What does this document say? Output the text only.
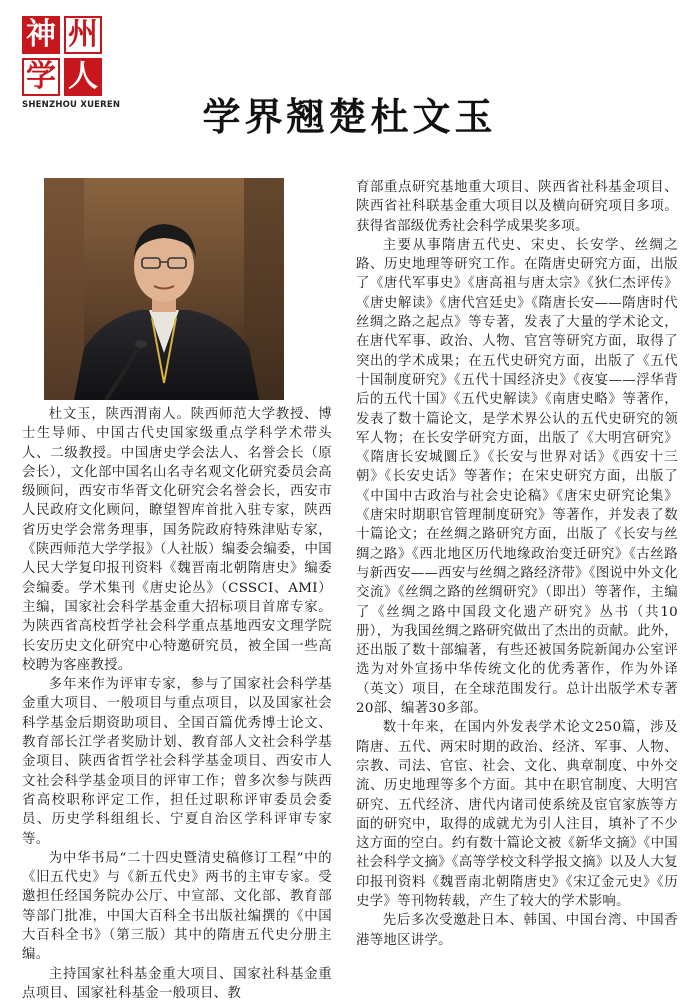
神 州
学 人
SHENZHOU XUEREN	学界翘楚杜文玉

杜文玉，陕西渭南人。陕西师范大学教授、博士生导师、中国古代史国家级重点学科学术带头人、二级教授。中国唐史学会法人、名誉会长（原会长），文化部中国名山名寺名观文化研究委员会高级顾问，西安市华胥文化研究会名誉会长，西安市人民政府文化顾问，瞭望智库首批入驻专家，陕西省历史学会常务理事，国务院政府特殊津贴专家，《陕西师范大学学报》（人社版）编委会编委，中国人民大学复印报刊资料《魏晋南北朝隋唐史》编委会编委。学术集刊《唐史论丛》（CSSCI、AMI）主编，国家社会科学基金重大招标项目首席专家。为陕西省高校哲学社会科学重点基地西安文理学院长安历史文化研究中心特邀研究员，被全国一些高校聘为客座教授。

多年来作为评审专家，参与了国家社会科学基金重大项目、一般项目与重点项目，以及国家社会科学基金后期资助项目、全国百篇优秀博士论文、教育部长江学者奖励计划、教育部人文社会科学基金项目、陕西省哲学社会科学基金项目、西安市人文社会科学基金项目的评审工作；曾多次参与陕西省高校职称评定工作，担任过职称评审委员会委员、历史学科组组长、宁夏自治区学科评审专家等。

为中华书局“二十四史暨清史稿修订工程”中的《旧五代史》与《新五代史》两书的主审专家。受邀担任经国务院办公厅、中宣部、文化部、教育部等部门批准，中国大百科全书出版社编撰的《中国大百科全书》（第三版）其中的隋唐五代史分册主编。

主持国家社科基金重大项目、国家社科基金重点项目、国家社科基金一般项目、教

育部重点研究基地重大项目、陕西省社科基金项目、陕西省社科联基金重大项目以及横向研究项目多项。获得省部级优秀社会科学成果奖多项。

主要从事隋唐五代史、宋史、长安学、丝绸之路、历史地理等研究工作。在隋唐史研究方面，出版了《唐代军事史》《唐高祖与唐太宗》《狄仁杰评传》《唐史解读》《唐代宫廷史》《隋唐长安——隋唐时代丝绸之路之起点》等专著，发表了大量的学术论文，在唐代军事、政治、人物、官宫等研究方面，取得了突出的学术成果；在五代史研究方面，出版了《五代十国制度研究》《五代十国经济史》《夜宴——浮华背后的五代十国》《五代史解读》《南唐史略》等著作，发表了数十篇论文，是学术界公认的五代史研究的领军人物；在长安学研究方面，出版了《大明宫研究》《隋唐长安城圜丘》《长安与世界对话》《西安十三朝》《长安史话》等著作；在宋史研究方面，出版了《中国中古政治与社会史论稿》《唐宋史研究论集》《唐宋时期职官管理制度研究》等著作，并发表了数十篇论文；在丝绸之路研究方面，出版了《长安与丝绸之路》《西北地区历代地缘政治变迁研究》《古丝路与新西安——西安与丝绸之路经济带》《图说中外文化交流》《丝绸之路的丝绸研究》（即出）等著作，主编了《丝绸之路中国段文化遗产研究》丛书（共10册），为我国丝绸之路研究做出了杰出的贡献。此外，还出版了数十部编著，有些还被国务院新闻办公室评选为对外宣扬中华传统文化的优秀著作，作为外译（英文）项目，在全球范围发行。总计出版学术专著20部、编著30多部。

数十年来，在国内外发表学术论文250篇，涉及隋唐、五代、两宋时期的政治、经济、军事、人物、宗教、司法、官宦、社会、文化、典章制度、中外交流、历史地理等多个方面。其中在职官制度、大明宫研究、五代经济、唐代内诸司使系统及宦官家族等方面的研究中，取得的成就尤为引人注目，填补了不少这方面的空白。约有数十篇论文被《新华文摘》《中国社会科学文摘》《高等学校文科学报文摘》以及人大复印报刊资料《魏晋南北朝隋唐史》《宋辽金元史》《历史学》等刊物转载，产生了较大的学术影响。

先后多次受邀赴日本、韩国、中国台湾、中国香港等地区讲学。
